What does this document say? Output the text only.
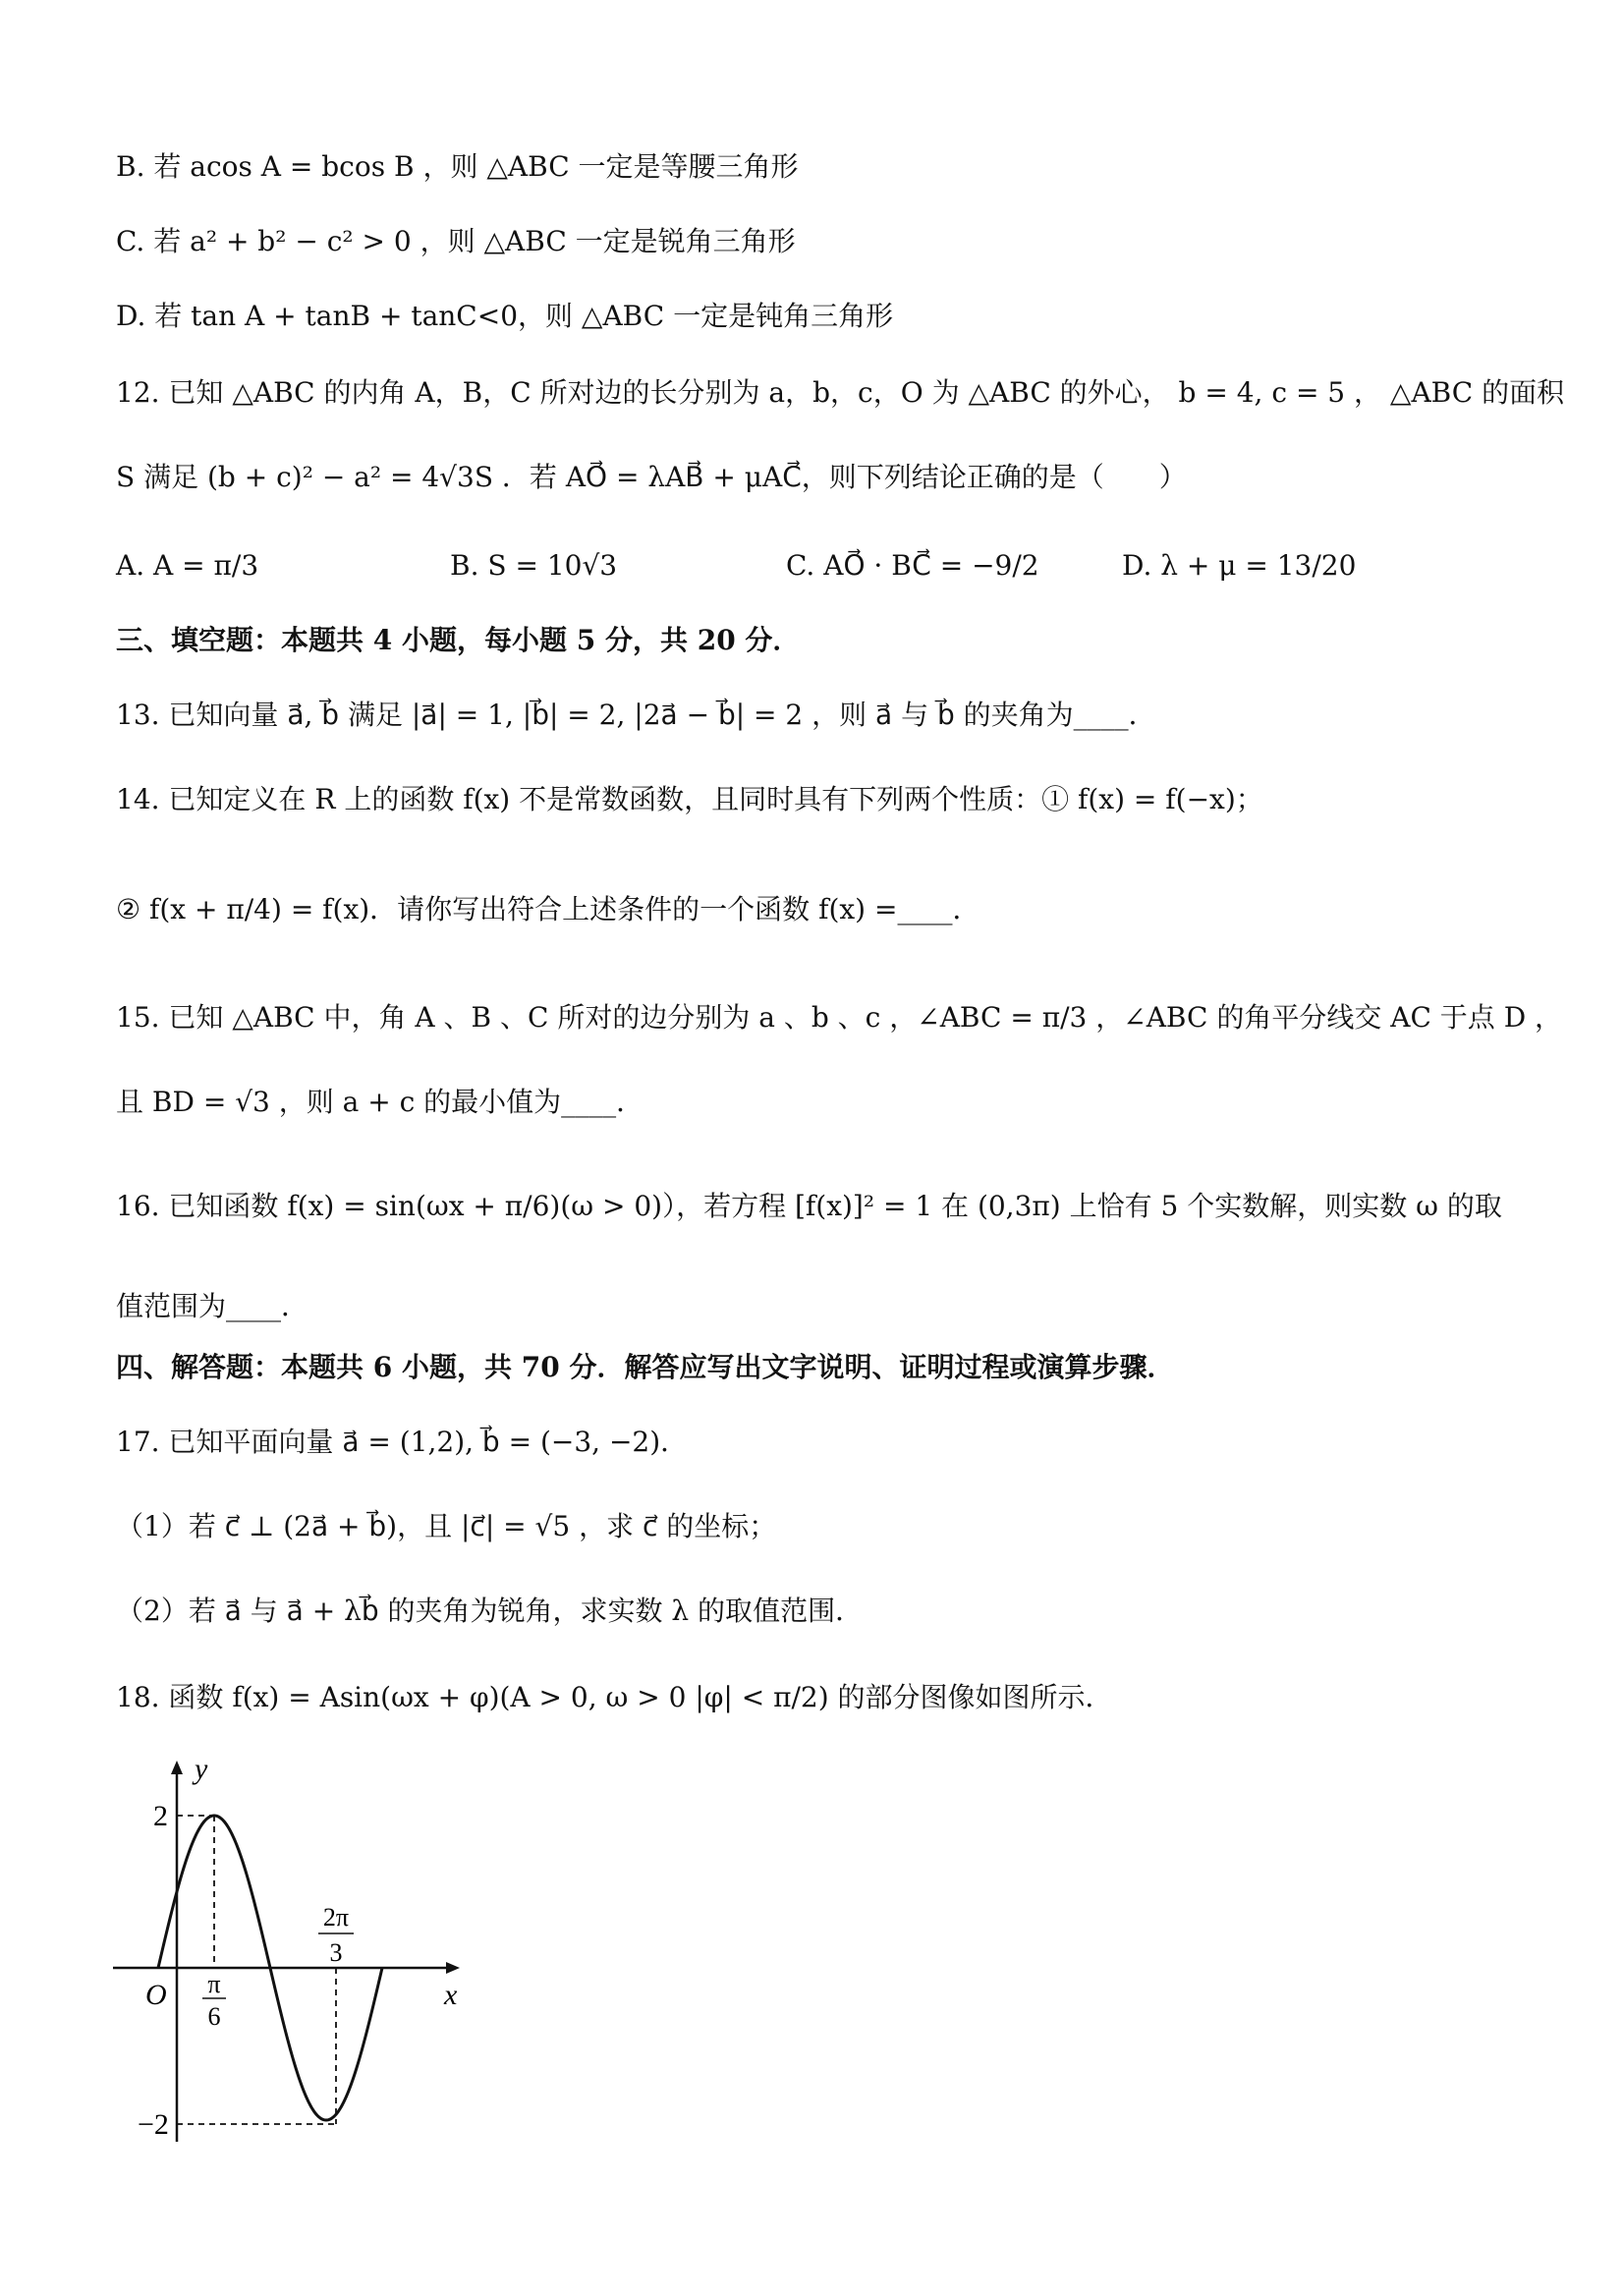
B. 若 acos A = bcos B ，则 △ABC 一定是等腰三角形
C. 若 a² + b² − c² > 0 ，则 △ABC 一定是锐角三角形
D. 若 tan A + tanB + tanC<0，则 △ABC 一定是钝角三角形
12. 已知 △ABC 的内角 A，B，C 所对边的长分别为 a，b，c，O 为 △ABC 的外心， b = 4, c = 5 ， △ABC 的面积
S 满足 (b + c)² − a² = 4√3S ．若 AO⃗ = λAB⃗ + μAC⃗，则下列结论正确的是（　　）
A. A = π/3	B. S = 10√3	C. AO⃗ · BC⃗ = −9/2	D. λ + μ = 13/20
三、填空题：本题共 4 小题，每小题 5 分，共 20 分．
13. 已知向量 a⃗, b⃗ 满足 |a⃗| = 1, |b⃗| = 2, |2a⃗ − b⃗| = 2 ，则 a⃗ 与 b⃗ 的夹角为____．
14. 已知定义在 R 上的函数 f(x) 不是常数函数，且同时具有下列两个性质：① f(x) = f(−x)；
② f(x + π/4) = f(x)．请你写出符合上述条件的一个函数 f(x) =____．
15. 已知 △ABC 中，角 A 、B 、C 所对的边分别为 a 、b 、c ，∠ABC = π/3 ，∠ABC 的角平分线交 AC 于点 D ，
且 BD = √3 ，则 a + c 的最小值为____．
16. 已知函数 f(x) = sin(ωx + π/6)(ω > 0)），若方程 [f(x)]² = 1 在 (0,3π) 上恰有 5 个实数解，则实数 ω 的取
值范围为____．
四、解答题：本题共 6 小题，共 70 分．解答应写出文字说明、证明过程或演算步骤．
17. 已知平面向量 a⃗ = (1,2), b⃗ = (−3, −2)．
（1）若 c⃗ ⊥ (2a⃗ + b⃗)，且 |c⃗| = √5 ，求 c⃗ 的坐标；
（2）若 a⃗ 与 a⃗ + λb⃗ 的夹角为锐角，求实数 λ 的取值范围．
18. 函数 f(x) = Asin(ωx + φ)(A > 0, ω > 0 |φ| < π/2) 的部分图像如图所示．
y
x
O
2
−2
π
6
2π
3
